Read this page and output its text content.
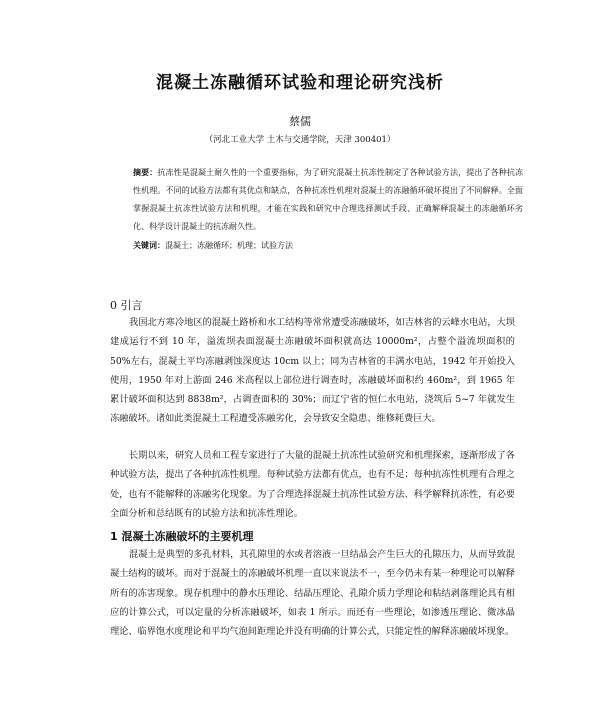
混凝土冻融循环试验和理论研究浅析
蔡儒
（河北工业大学 土木与交通学院，天津 300401）
摘要：抗冻性是混凝土耐久性的一个重要指标，为了研究混凝土抗冻性制定了各种试验方法，提出了各种抗冻性机理。不同的试验方法都有其优点和缺点，各种抗冻性机理对混凝土的冻融循环破坏提出了不同解释。全面掌握混凝土抗冻性试验方法和机理，才能在实践和研究中合理选择测试手段、正确解释混凝土的冻融循环劣化、科学设计混凝土的抗冻耐久性。
关键词：混凝土；冻融循环；机理；试验方法
0 引言
我国北方寒冷地区的混凝土路桥和水工结构等常常遭受冻融破坏，如吉林省的云峰水电站，大坝建成运行不到 10 年，溢流坝表面混凝土冻融破坏面积就高达 10000m²，占整个溢流坝面积的 50%左右，混凝土平均冻融剥蚀深度达 10cm 以上；同为吉林省的丰满水电站，1942 年开始投入使用，1950 年对上游面 246 米高程以上部位进行调查时，冻融破坏面积约 460m²，到 1965 年累计破坏面积达到 8838m²，占调查面积的 30%；而辽宁省的恒仁水电站，浇筑后 5~7 年就发生冻融破坏。诸如此类混凝土工程遭受冻融劣化，会导致安全隐患、维修耗费巨大。
长期以来，研究人员和工程专家进行了大量的混凝土抗冻性试验研究和机理探索，逐渐形成了各种试验方法，提出了各种抗冻性机理。每种试验方法都有优点，也有不足；每种抗冻性机理有合理之处，也有不能解释的冻融劣化现象。为了合理选择混凝土抗冻性试验方法、科学解释抗冻性，有必要全面分析和总结既有的试验方法和抗冻性理论。
1 混凝土冻融破坏的主要机理
混凝土是典型的多孔材料，其孔隙里的水或者溶液一旦结晶会产生巨大的孔隙压力，从而导致混凝土结构的破坏。而对于混凝土的冻融破坏机理一直以来说法不一，至今仍未有某一种理论可以解释所有的冻害现象。现存机理中的静水压理论、结晶压理论、孔隙介质力学理论和粘结剥落理论具有相应的计算公式，可以定量的分析冻融破坏，如表 1 所示。而还有一些理论，如渗透压理论、微冰晶理论、临界饱水度理论和平均气泡间距理论并没有明确的计算公式，只能定性的解释冻融破坏现象。
